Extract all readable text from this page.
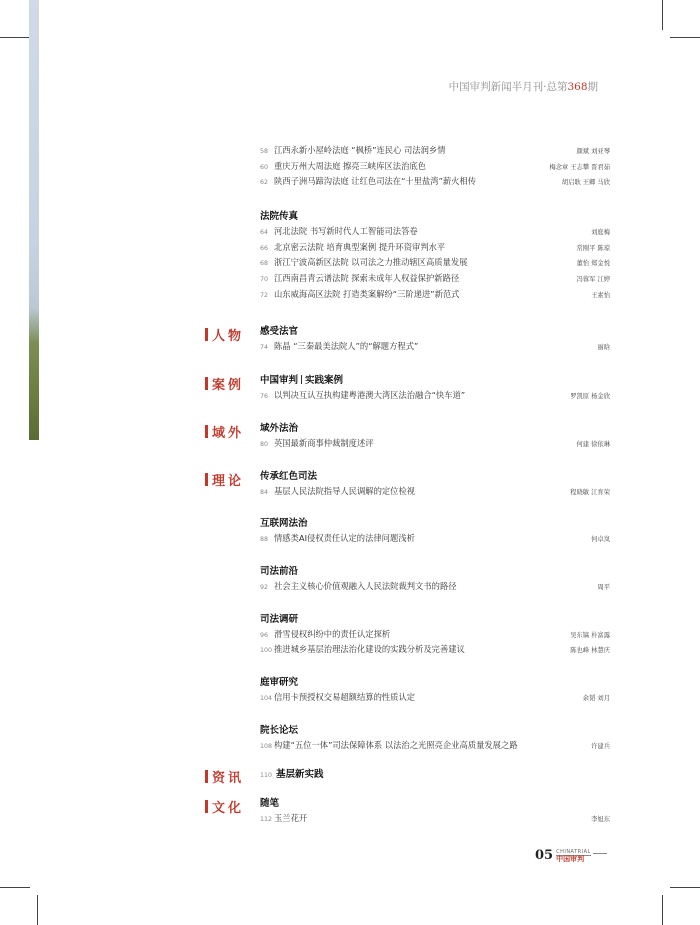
中国审判新闻半月刊·总第368期
58 江西永新小屋岭法庭 “枫桥”连民心 司法润乡情	颜斌 刘亚琴
60 重庆万州大周法庭 擦亮三峡库区法治底色	梅念章 王志攀 晋君茹
62 陕西子洲马蹄沟法庭 让红色司法在“十里盐湾”薪火相传	胡启耿 王卿 马欣
法院传真
64 河北法院 书写新时代人工智能司法答卷	刘庭梅
66 北京密云法院 培育典型案例 提升环资审判水平	常刚平 陈琼
68 浙江宁波高新区法院 以司法之力推动辖区高质量发展	董怡 郑金悦
70 江西南昌青云谱法院 探索未成年人权益保护新路径	冯蓉军 江婷
72 山东威海高区法院 打造类案解纷“三阶递进”新范式	王素怡
人物 感受法官
74 陈晶 “三秦最美法院人”的“解题方程式”	丽晗
案例 中国审判 实践案例
76 以判决互认互执构建粤港澳大湾区法治融合“快车道”	罗凯原 杨金欣
域外 域外法治
80 英国最新商事仲裁制度述评	何建 徐依琳
理论 传承红色司法
84 基层人民法院指导人民调解的定位检视	程晓敏 江育荣
互联网法治
88 情感类AI侵权责任认定的法律问题浅析	何卓岚
司法前沿
92 社会主义核心价值观融入人民法院裁判文书的路径	周平
司法调研
96 滑雪侵权纠纷中的责任认定探析	吴东镐 朴富露
100 推进城乡基层治理法治化建设的实践分析及完善建议	陈也峰 林慧庆
庭审研究
104 信用卡预授权交易超额结算的性质认定	余韬 刘月
院长论坛
108 构建“五位一体”司法保障体系 以法治之光照亮企业高质量发展之路	许建兵
资讯	110 基层新实践
文化 随笔
112 玉兰花开	李旭东
05 CHINATRIAL
中国审判
